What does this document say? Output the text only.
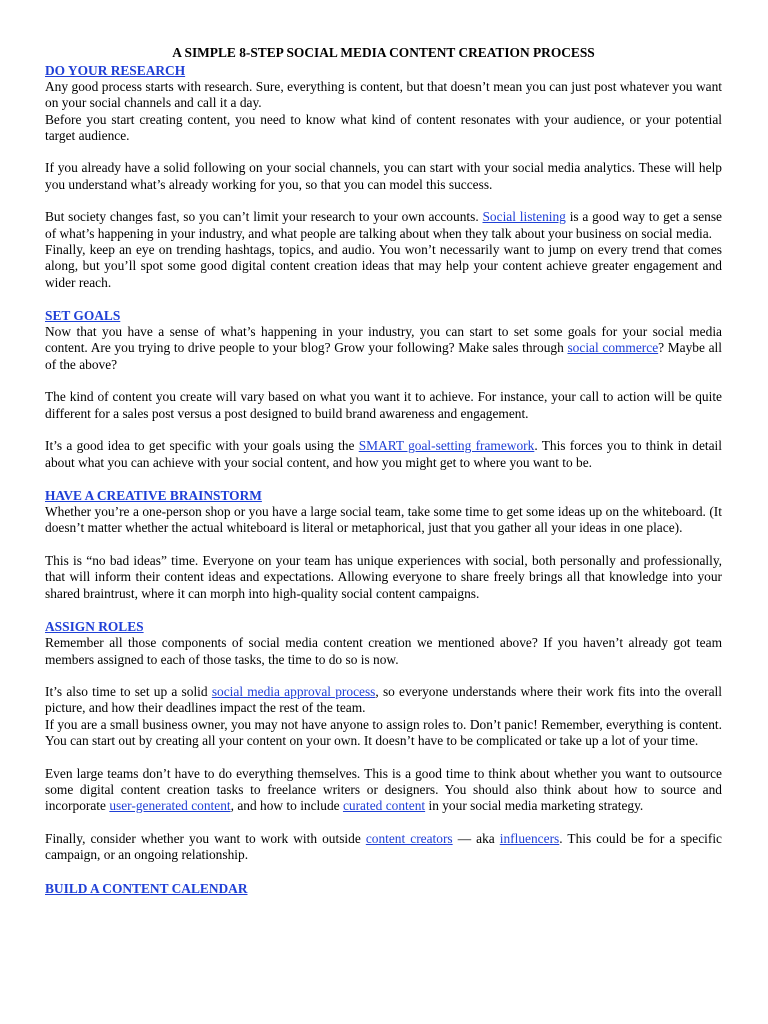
A SIMPLE 8-STEP SOCIAL MEDIA CONTENT CREATION PROCESS
DO YOUR RESEARCH

Any good process starts with research. Sure, everything is content, but that doesn’t mean you can just post whatever you want on your social channels and call it a day.

Before you start creating content, you need to know what kind of content resonates with your audience, or your potential target audience.

If you already have a solid following on your social channels, you can start with your social media analytics. These will help you understand what’s already working for you, so that you can model this success.

But society changes fast, so you can’t limit your research to your own accounts. Social listening is a good way to get a sense of what’s happening in your industry, and what people are talking about when they talk about your business on social media.

Finally, keep an eye on trending hashtags, topics, and audio. You won’t necessarily want to jump on every trend that comes along, but you’ll spot some good digital content creation ideas that may help your content achieve greater engagement and wider reach.

SET GOALS

Now that you have a sense of what’s happening in your industry, you can start to set some goals for your social media content. Are you trying to drive people to your blog? Grow your following? Make sales through social commerce? Maybe all of the above?

The kind of content you create will vary based on what you want it to achieve. For instance, your call to action will be quite different for a sales post versus a post designed to build brand awareness and engagement.

It’s a good idea to get specific with your goals using the SMART goal-setting framework. This forces you to think in detail about what you can achieve with your social content, and how you might get to where you want to be.

HAVE A CREATIVE BRAINSTORM

Whether you’re a one-person shop or you have a large social team, take some time to get some ideas up on the whiteboard. (It doesn’t matter whether the actual whiteboard is literal or metaphorical, just that you gather all your ideas in one place).

This is “no bad ideas” time. Everyone on your team has unique experiences with social, both personally and professionally, that will inform their content ideas and expectations. Allowing everyone to share freely brings all that knowledge into your shared braintrust, where it can morph into high-quality social content campaigns.

ASSIGN ROLES

Remember all those components of social media content creation we mentioned above? If you haven’t already got team members assigned to each of those tasks, the time to do so is now.

It’s also time to set up a solid social media approval process, so everyone understands where their work fits into the overall picture, and how their deadlines impact the rest of the team.

If you are a small business owner, you may not have anyone to assign roles to. Don’t panic! Remember, everything is content. You can start out by creating all your content on your own. It doesn’t have to be complicated or take up a lot of your time.

Even large teams don’t have to do everything themselves. This is a good time to think about whether you want to outsource some digital content creation tasks to freelance writers or designers. You should also think about how to source and incorporate user-generated content, and how to include curated content in your social media marketing strategy.

Finally, consider whether you want to work with outside content creators — aka influencers. This could be for a specific campaign, or an ongoing relationship.

BUILD A CONTENT CALENDAR
